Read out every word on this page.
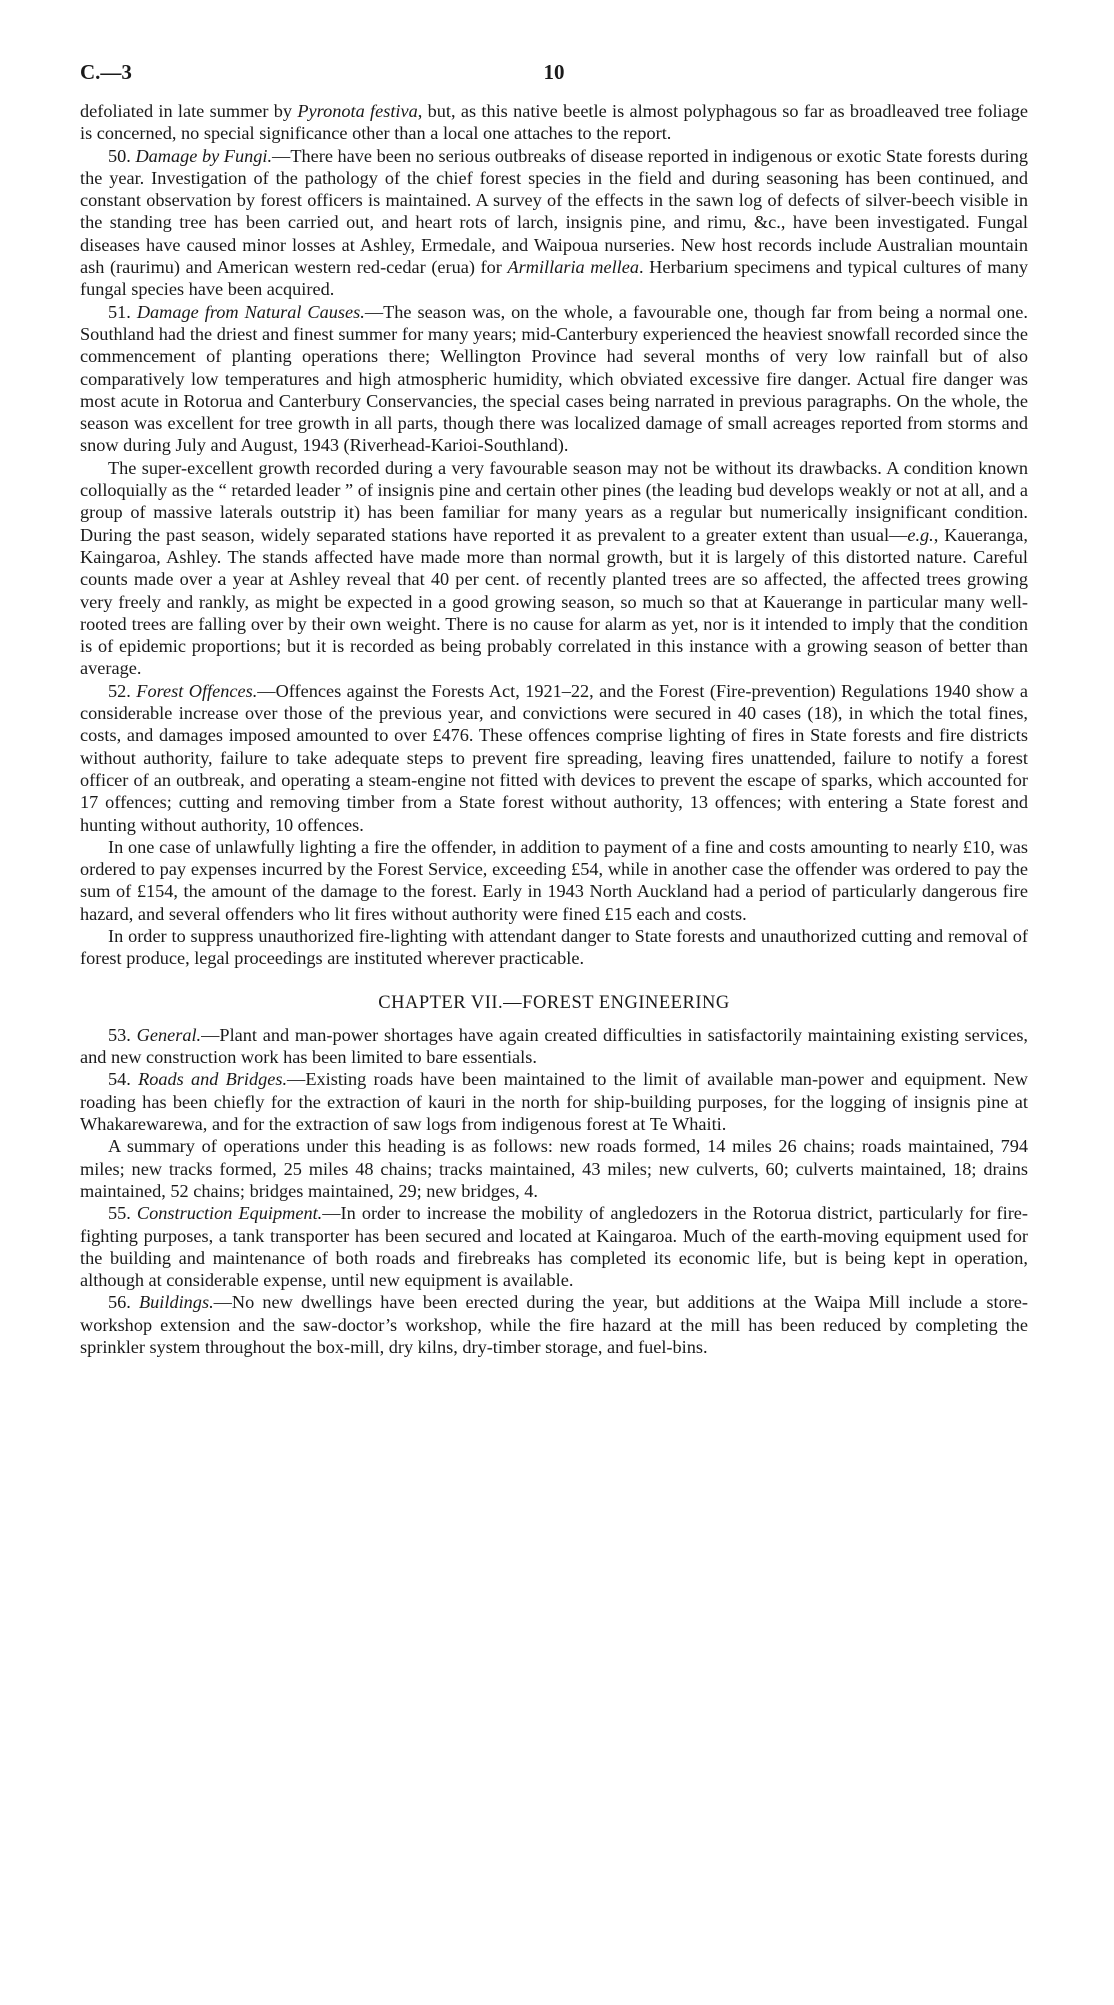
C.—3	10

defoliated in late summer by Pyronota festiva, but, as this native beetle is almost polyphagous so far as broadleaved tree foliage is concerned, no special significance other than a local one attaches to the report.

50. Damage by Fungi.—There have been no serious outbreaks of disease reported in indigenous or exotic State forests during the year. Investigation of the pathology of the chief forest species in the field and during seasoning has been continued, and constant observation by forest officers is maintained. A survey of the effects in the sawn log of defects of silver-beech visible in the standing tree has been carried out, and heart rots of larch, insignis pine, and rimu, &c., have been investigated. Fungal diseases have caused minor losses at Ashley, Ermedale, and Waipoua nurseries. New host records include Australian mountain ash (raurimu) and American western red-cedar (erua) for Armillaria mellea. Herbarium specimens and typical cultures of many fungal species have been acquired.

51. Damage from Natural Causes.—The season was, on the whole, a favourable one, though far from being a normal one. Southland had the driest and finest summer for many years; mid-Canterbury experienced the heaviest snowfall recorded since the commencement of planting operations there; Wellington Province had several months of very low rainfall but of also comparatively low temperatures and high atmospheric humidity, which obviated excessive fire danger. Actual fire danger was most acute in Rotorua and Canterbury Conservancies, the special cases being narrated in previous paragraphs. On the whole, the season was excellent for tree growth in all parts, though there was localized damage of small acreages reported from storms and snow during July and August, 1943 (Riverhead-Karioi-Southland).

The super-excellent growth recorded during a very favourable season may not be without its drawbacks. A condition known colloquially as the “ retarded leader ” of insignis pine and certain other pines (the leading bud develops weakly or not at all, and a group of massive laterals outstrip it) has been familiar for many years as a regular but numerically insignificant condition. During the past season, widely separated stations have reported it as prevalent to a greater extent than usual—e.g., Kaueranga, Kaingaroa, Ashley. The stands affected have made more than normal growth, but it is largely of this distorted nature. Careful counts made over a year at Ashley reveal that 40 per cent. of recently planted trees are so affected, the affected trees growing very freely and rankly, as might be expected in a good growing season, so much so that at Kauerange in particular many well-rooted trees are falling over by their own weight. There is no cause for alarm as yet, nor is it intended to imply that the condition is of epidemic proportions; but it is recorded as being probably correlated in this instance with a growing season of better than average.

52. Forest Offences.—Offences against the Forests Act, 1921–22, and the Forest (Fire-prevention) Regulations 1940 show a considerable increase over those of the previous year, and convictions were secured in 40 cases (18), in which the total fines, costs, and damages imposed amounted to over £476. These offences comprise lighting of fires in State forests and fire districts without authority, failure to take adequate steps to prevent fire spreading, leaving fires unattended, failure to notify a forest officer of an outbreak, and operating a steam-engine not fitted with devices to prevent the escape of sparks, which accounted for 17 offences; cutting and removing timber from a State forest without authority, 13 offences; with entering a State forest and hunting without authority, 10 offences.

In one case of unlawfully lighting a fire the offender, in addition to payment of a fine and costs amounting to nearly £10, was ordered to pay expenses incurred by the Forest Service, exceeding £54, while in another case the offender was ordered to pay the sum of £154, the amount of the damage to the forest. Early in 1943 North Auckland had a period of particularly dangerous fire hazard, and several offenders who lit fires without authority were fined £15 each and costs.

In order to suppress unauthorized fire-lighting with attendant danger to State forests and unauthorized cutting and removal of forest produce, legal proceedings are instituted wherever practicable.

CHAPTER VII.—FOREST ENGINEERING

53. General.—Plant and man-power shortages have again created difficulties in satisfactorily maintaining existing services, and new construction work has been limited to bare essentials.

54. Roads and Bridges.—Existing roads have been maintained to the limit of available man-power and equipment. New roading has been chiefly for the extraction of kauri in the north for ship-building purposes, for the logging of insignis pine at Whakarewarewa, and for the extraction of saw logs from indigenous forest at Te Whaiti.

A summary of operations under this heading is as follows: new roads formed, 14 miles 26 chains; roads maintained, 794 miles; new tracks formed, 25 miles 48 chains; tracks maintained, 43 miles; new culverts, 60; culverts maintained, 18; drains maintained, 52 chains; bridges maintained, 29; new bridges, 4.

55. Construction Equipment.—In order to increase the mobility of angledozers in the Rotorua district, particularly for fire-fighting purposes, a tank transporter has been secured and located at Kaingaroa. Much of the earth-moving equipment used for the building and maintenance of both roads and firebreaks has completed its economic life, but is being kept in operation, although at considerable expense, until new equipment is available.

56. Buildings.—No new dwellings have been erected during the year, but additions at the Waipa Mill include a store-workshop extension and the saw-doctor’s workshop, while the fire hazard at the mill has been reduced by completing the sprinkler system throughout the box-mill, dry kilns, dry-timber storage, and fuel-bins.
